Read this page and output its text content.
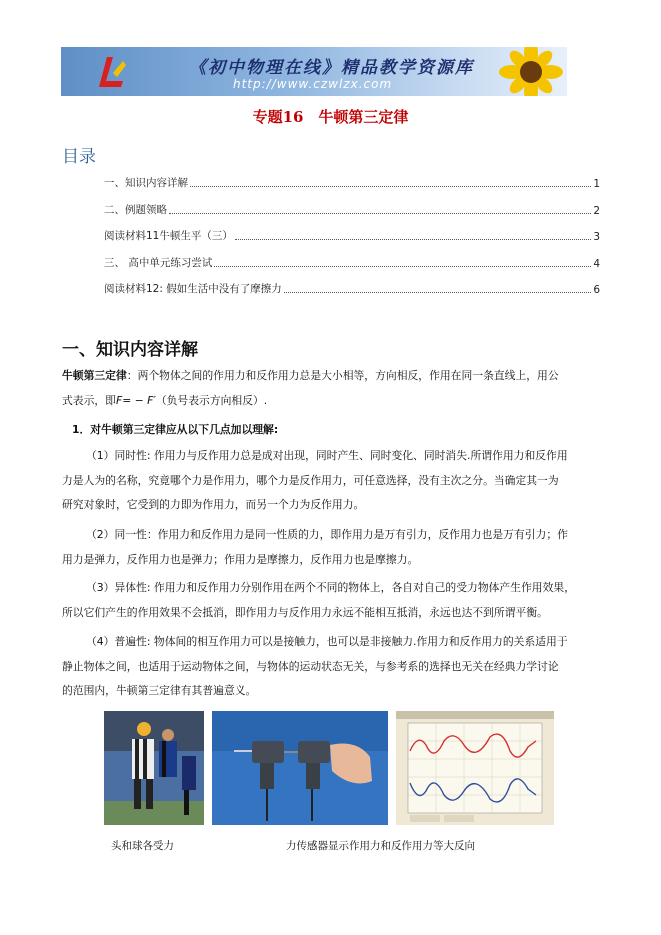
《初中物理在线》精品教学资源库
http://www.czwlzx.com
专题16　牛顿第三定律
目录
一、知识内容详解	1
二、例题领略	2
阅读材料11牛顿生平（三）	3
三、 高中单元练习尝试	4
阅读材料12: 假如生活中没有了摩擦力	6
一、知识内容详解
牛顿第三定律：两个物体之间的作用力和反作用力总是大小相等，方向相反，作用在同一条直线上，用公
式表示，即F= − F′（负号表示方向相反）.
1．对牛顿第三定律应从以下几点加以理解:
（1）同时性: 作用力与反作用力总是成对出现，同时产生、同时变化、同时消失.所谓作用力和反作用
力是人为的名称，究竟哪个力是作用力，哪个力是反作用力，可任意选择，没有主次之分。当确定其一为
研究对象时，它受到的力即为作用力，而另一个力为反作用力。
（2）同一性：作用力和反作用力是同一性质的力，即作用力是万有引力，反作用力也是万有引力；作
用力是弹力，反作用力也是弹力；作用力是摩擦力，反作用力也是摩擦力。
（3）异体性: 作用力和反作用力分别作用在两个不同的物体上，各自对自己的受力物体产生作用效果，
所以它们产生的作用效果不会抵消，即作用力与反作用力永远不能相互抵消，永远也达不到所谓平衡。
（4）普遍性: 物体间的相互作用力可以是接触力，也可以是非接触力.作用力和反作用力的关系适用于
静止物体之间，也适用于运动物体之间，与物体的运动状态无关，与参考系的选择也无关在经典力学讨论
的范围内，牛顿第三定律有其普遍意义。
头和球各受力	力传感器显示作用力和反作用力等大反向
